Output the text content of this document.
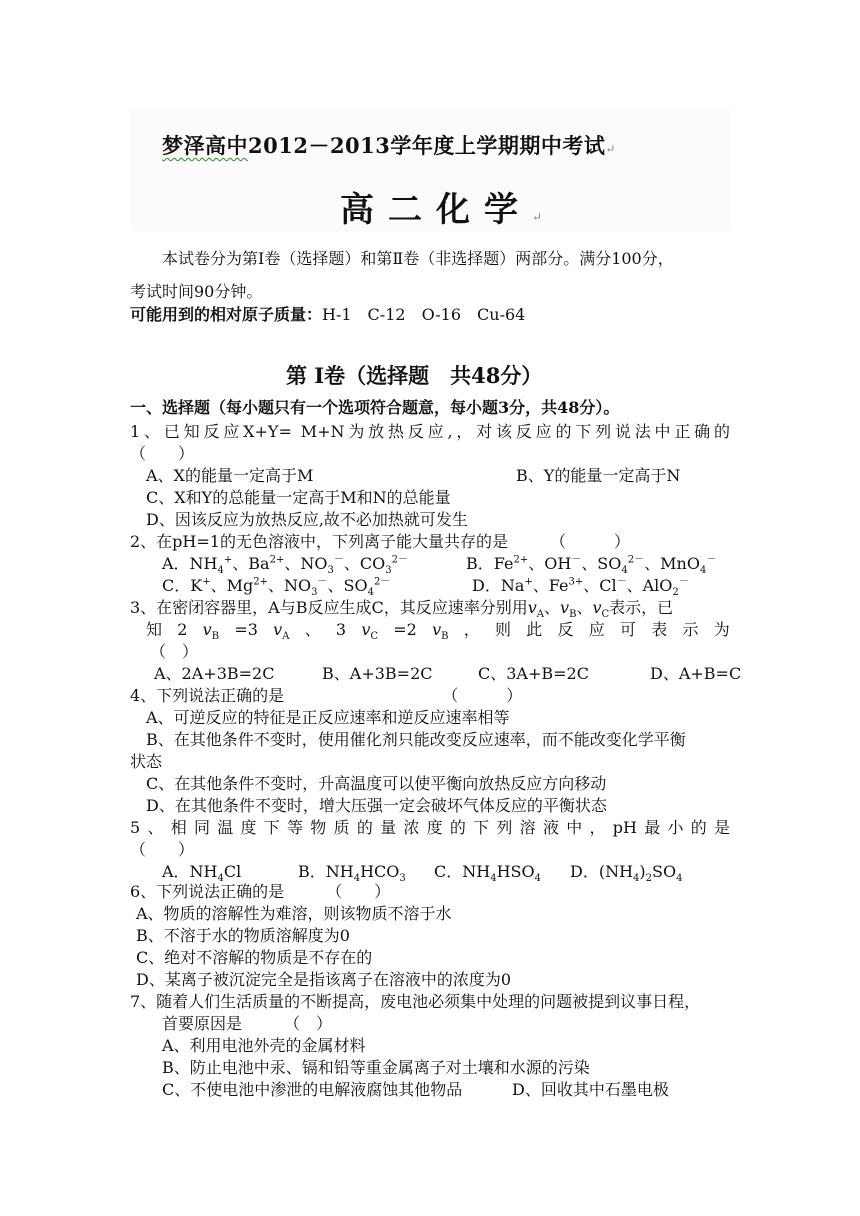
梦泽高中2012－2013学年度上学期期中考试↵
高二化学↵
本试卷分为第Ⅰ卷（选择题）和第Ⅱ卷（非选择题）两部分。满分100分，
考试时间90分钟。
可能用到的相对原子质量：H-1　C-12　O-16　Cu-64
第 Ⅰ卷（选择题　共48分）
一、选择题（每小题只有一个选项符合题意，每小题3分，共48分）。
1、已知反应X+Y= M+N为放热反应,，对该反应的下列说法中正确的
（　　）
A、X的能量一定高于M	B、Y的能量一定高于N
C、X和Y的总能量一定高于M和N的总能量
D、因该反应为放热反应,故不必加热就可发生
2、在pH=1的无色溶液中，下列离子能大量共存的是	（　　　）
A．$NH_4^+$、$Ba^{2+}$、$NO_3^-$、$CO_3^{2-}$	B．$Fe^{2+}$、OH－、$SO_4^{2-}$、MnO$_4$－
C．K+、$Mg^{2+}$、$NO_3^-$、$SO_4^{2-}$	D．Na+、$Fe^{3+}$、Cl－、AlO$_2$－
3、在密闭容器里，A与B反应生成C，其反应速率分别用$v_A$、$v_B$、$v_C$表示，已
知 2 $v_B =3$ $v_A$ 、 3 $v_C =2$ $v_B$ ， 则 此 反 应 可 表 示 为
（　）
A、2A+3B=2C	B、A+3B=2C	C、3A+B=2C	D、A+B=C
4、下列说法正确的是	（　　　）
A、可逆反应的特征是正反应速率和逆反应速率相等
B、在其他条件不变时，使用催化剂只能改变反应速率，而不能改变化学平衡
状态
C、在其他条件不变时，升高温度可以使平衡向放热反应方向移动
D、在其他条件不变时，增大压强一定会破坏气体反应的平衡状态
5、相同温度下等物质的量浓度的下列溶液中，pH最小的是
（　　）
A．$NH_4Cl$	B．$NH_4HCO_3$ C．$NH_4HSO_4$ D．$(NH_4)_2SO_4$
6、下列说法正确的是	（　　）
A、物质的溶解性为难溶，则该物质不溶于水
B、不溶于水的物质溶解度为0
C、绝对不溶解的物质是不存在的
D、某离子被沉淀完全是指该离子在溶液中的浓度为0
7、随着人们生活质量的不断提高，废电池必须集中处理的问题被提到议事日程，
首要原因是	（　）
A、利用电池外壳的金属材料
B、防止电池中汞、镉和铅等重金属离子对土壤和水源的污染
C、不使电池中渗泄的电解液腐蚀其他物品	D、回收其中石墨电极
